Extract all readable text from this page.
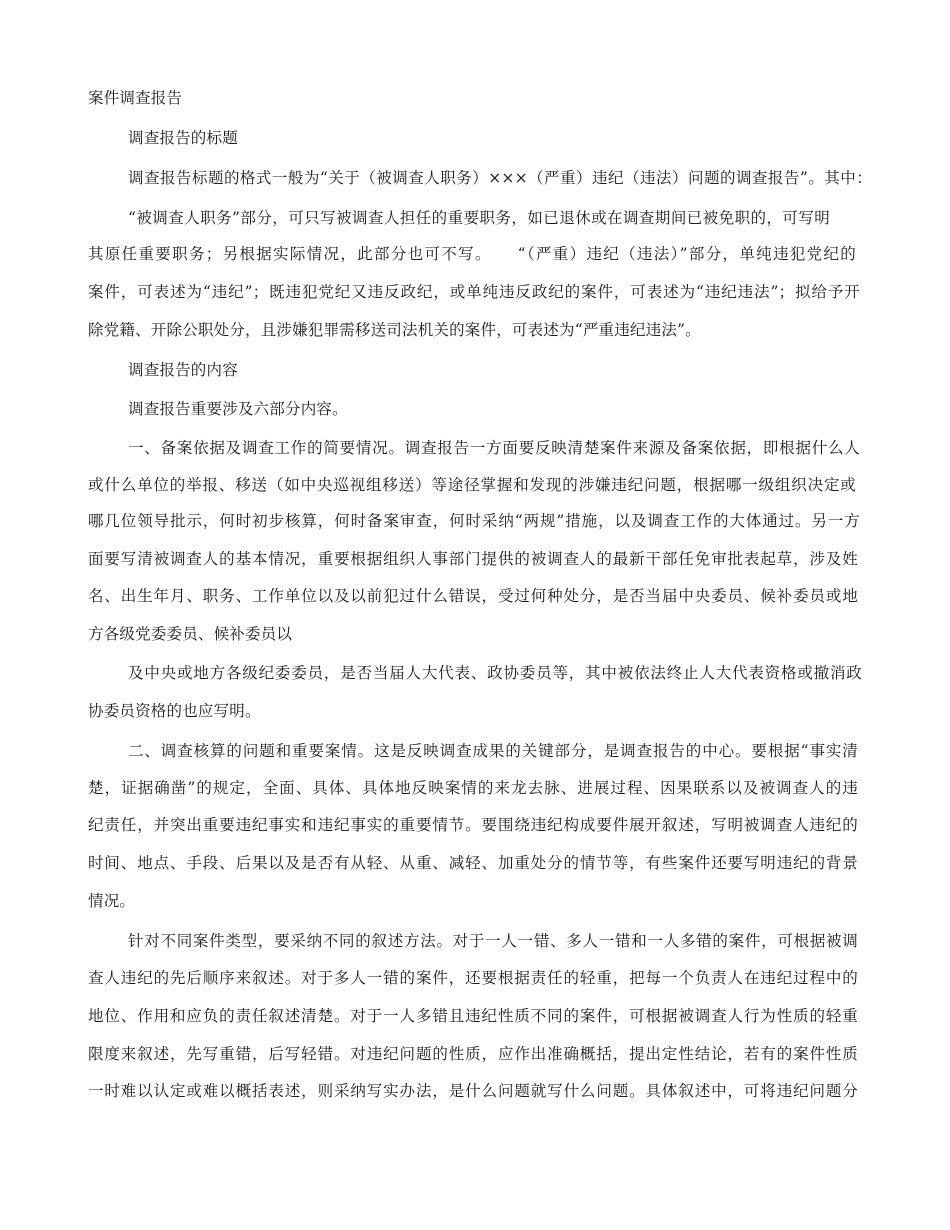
案件调查报告
调查报告的标题
调查报告标题的格式一般为“关于（被调查人职务）×××（严重）违纪（违法）问题的调查报告”。其中：
“被调查人职务”部分，可只写被调查人担任的重要职务，如已退休或在调查期间已被免职的，可写明
其原任重要职务；另根据实际情况，此部分也可不写。　　“（严重）违纪（违法）”部分，单纯违犯党纪的
案件，可表述为“违纪”；既违犯党纪又违反政纪，或单纯违反政纪的案件，可表述为“违纪违法”；拟给予开
除党籍、开除公职处分，且涉嫌犯罪需移送司法机关的案件，可表述为“严重违纪违法”。
调查报告的内容
调查报告重要涉及六部分内容。
一、备案依据及调查工作的简要情况。调查报告一方面要反映清楚案件来源及备案依据，即根据什么人
或什么单位的举报、移送（如中央巡视组移送）等途径掌握和发现的涉嫌违纪问题，根据哪一级组织决定或
哪几位领导批示，何时初步核算，何时备案审查，何时采纳“两规”措施，以及调查工作的大体通过。另一方
面要写清被调查人的基本情况，重要根据组织人事部门提供的被调查人的最新干部任免审批表起草，涉及姓
名、出生年月、职务、工作单位以及以前犯过什么错误，受过何种处分，是否当届中央委员、候补委员或地
方各级党委委员、候补委员以
及中央或地方各级纪委委员，是否当届人大代表、政协委员等，其中被依法终止人大代表资格或撤消政
协委员资格的也应写明。
二、调查核算的问题和重要案情。这是反映调查成果的关键部分，是调查报告的中心。要根据“事实清
楚，证据确凿”的规定，全面、具体、具体地反映案情的来龙去脉、进展过程、因果联系以及被调查人的违
纪责任，并突出重要违纪事实和违纪事实的重要情节。要围绕违纪构成要件展开叙述，写明被调查人违纪的
时间、地点、手段、后果以及是否有从轻、从重、减轻、加重处分的情节等，有些案件还要写明违纪的背景
情况。
针对不同案件类型，要采纳不同的叙述方法。对于一人一错、多人一错和一人多错的案件，可根据被调
查人违纪的先后顺序来叙述。对于多人一错的案件，还要根据责任的轻重，把每一个负责人在违纪过程中的
地位、作用和应负的责任叙述清楚。对于一人多错且违纪性质不同的案件，可根据被调查人行为性质的轻重
限度来叙述，先写重错，后写轻错。对违纪问题的性质，应作出准确概括，提出定性结论，若有的案件性质
一时难以认定或难以概括表述，则采纳写实办法，是什么问题就写什么问题。具体叙述中，可将违纪问题分
